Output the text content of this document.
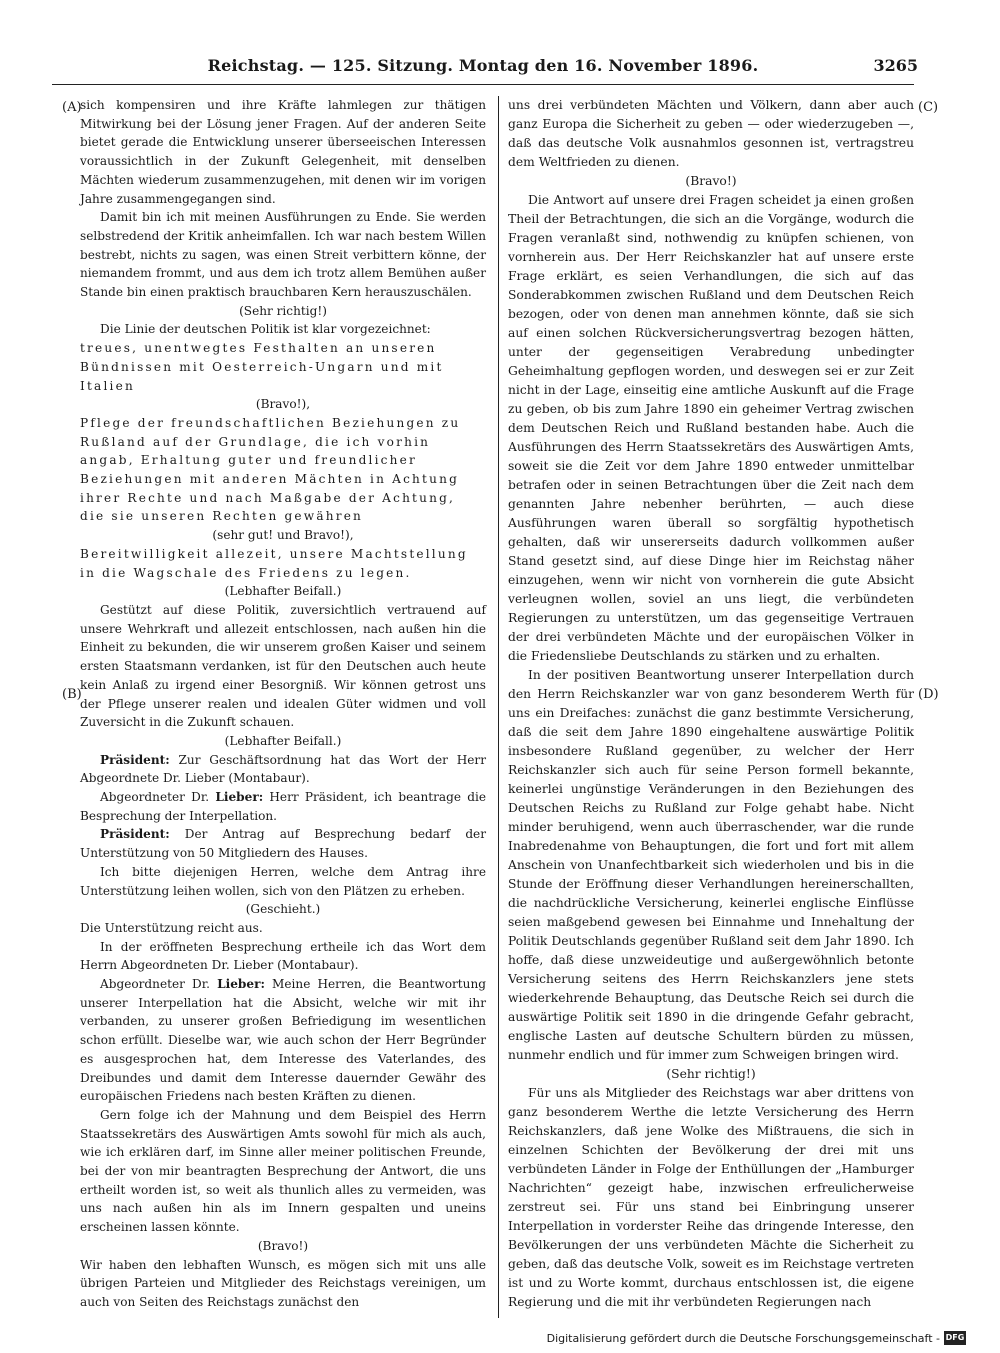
Reichstag. — 125. Sitzung. Montag den 16. November 1896.	3265
(A)
(B)
(C)
(D)

sich kompensiren und ihre Kräfte lahmlegen zur thätigen Mitwirkung bei der Lösung jener Fragen. Auf der anderen Seite bietet gerade die Entwicklung unserer überseeischen Interessen voraussichtlich in der Zukunft Gelegenheit, mit denselben Mächten wiederum zusammenzugehen, mit denen wir im vorigen Jahre zusammengegangen sind.

Damit bin ich mit meinen Ausführungen zu Ende. Sie werden selbstredend der Kritik anheimfallen. Ich war nach bestem Willen bestrebt, nichts zu sagen, was einen Streit verbittern könne, der niemandem frommt, und aus dem ich trotz allem Bemühen außer Stande bin einen praktisch brauchbaren Kern herauszuschälen.

(Sehr richtig!)

Die Linie der deutschen Politik ist klar vorgezeichnet:

treues, unentwegtes Festhalten an unseren Bündnissen mit Oesterreich-Ungarn und mit Italien

(Bravo!),

Pflege der freundschaftlichen Beziehungen zu Rußland auf der Grundlage, die ich vorhin angab, Erhaltung guter und freundlicher Beziehungen mit anderen Mächten in Achtung ihrer Rechte und nach Maßgabe der Achtung, die sie unseren Rechten gewähren

(sehr gut! und Bravo!),

Bereitwilligkeit allezeit, unsere Machtstellung in die Wagschale des Friedens zu legen.

(Lebhafter Beifall.)

Gestützt auf diese Politik, zuversichtlich vertrauend auf unsere Wehrkraft und allezeit entschlossen, nach außen hin die Einheit zu bekunden, die wir unserem großen Kaiser und seinem ersten Staatsmann verdanken, ist für den Deutschen auch heute kein Anlaß zu irgend einer Besorgniß. Wir können getrost uns der Pflege unserer realen und idealen Güter widmen und voll Zuversicht in die Zukunft schauen.

(Lebhafter Beifall.)

Präsident: Zur Geschäftsordnung hat das Wort der Herr Abgeordnete Dr. Lieber (Montabaur).

Abgeordneter Dr. Lieber: Herr Präsident, ich beantrage die Besprechung der Interpellation.

Präsident: Der Antrag auf Besprechung bedarf der Unterstützung von 50 Mitgliedern des Hauses.

Ich bitte diejenigen Herren, welche dem Antrag ihre Unterstützung leihen wollen, sich von den Plätzen zu erheben.

(Geschieht.)

Die Unterstützung reicht aus.

In der eröffneten Besprechung ertheile ich das Wort dem Herrn Abgeordneten Dr. Lieber (Montabaur).

Abgeordneter Dr. Lieber: Meine Herren, die Beantwortung unserer Interpellation hat die Absicht, welche wir mit ihr verbanden, zu unserer großen Befriedigung im wesentlichen schon erfüllt. Dieselbe war, wie auch schon der Herr Begründer es ausgesprochen hat, dem Interesse des Vaterlandes, des Dreibundes und damit dem Interesse dauernder Gewähr des europäischen Friedens nach besten Kräften zu dienen.

Gern folge ich der Mahnung und dem Beispiel des Herrn Staatssekretärs des Auswärtigen Amts sowohl für mich als auch, wie ich erklären darf, im Sinne aller meiner politischen Freunde, bei der von mir beantragten Besprechung der Antwort, die uns ertheilt worden ist, so weit als thunlich alles zu vermeiden, was uns nach außen hin als im Innern gespalten und uneins erscheinen lassen könnte.

(Bravo!)

Wir haben den lebhaften Wunsch, es mögen sich mit uns alle übrigen Parteien und Mitglieder des Reichstags vereinigen, um auch von Seiten des Reichstags zunächst den

uns drei verbündeten Mächten und Völkern, dann aber auch ganz Europa die Sicherheit zu geben — oder wiederzugeben —, daß das deutsche Volk ausnahmlos gesonnen ist, vertragstreu dem Weltfrieden zu dienen.

(Bravo!)

Die Antwort auf unsere drei Fragen scheidet ja einen großen Theil der Betrachtungen, die sich an die Vorgänge, wodurch die Fragen veranlaßt sind, nothwendig zu knüpfen schienen, von vornherein aus. Der Herr Reichskanzler hat auf unsere erste Frage erklärt, es seien Verhandlungen, die sich auf das Sonderabkommen zwischen Rußland und dem Deutschen Reich bezogen, oder von denen man annehmen könnte, daß sie sich auf einen solchen Rückversicherungsvertrag bezogen hätten, unter der gegenseitigen Verabredung unbedingter Geheimhaltung gepflogen worden, und deswegen sei er zur Zeit nicht in der Lage, einseitig eine amtliche Auskunft auf die Frage zu geben, ob bis zum Jahre 1890 ein geheimer Vertrag zwischen dem Deutschen Reich und Rußland bestanden habe. Auch die Ausführungen des Herrn Staatssekretärs des Auswärtigen Amts, soweit sie die Zeit vor dem Jahre 1890 entweder unmittelbar betrafen oder in seinen Betrachtungen über die Zeit nach dem genannten Jahre nebenher berührten, — auch diese Ausführungen waren überall so sorgfältig hypothetisch gehalten, daß wir unsererseits dadurch vollkommen außer Stand gesetzt sind, auf diese Dinge hier im Reichstag näher einzugehen, wenn wir nicht von vornherein die gute Absicht verleugnen wollen, soviel an uns liegt, die verbündeten Regierungen zu unterstützen, um das gegenseitige Vertrauen der drei verbündeten Mächte und der europäischen Völker in die Friedensliebe Deutschlands zu stärken und zu erhalten.

In der positiven Beantwortung unserer Interpellation durch den Herrn Reichskanzler war von ganz besonderem Werth für uns ein Dreifaches: zunächst die ganz bestimmte Versicherung, daß die seit dem Jahre 1890 eingehaltene auswärtige Politik insbesondere Rußland gegenüber, zu welcher der Herr Reichskanzler sich auch für seine Person formell bekannte, keinerlei ungünstige Veränderungen in den Beziehungen des Deutschen Reichs zu Rußland zur Folge gehabt habe. Nicht minder beruhigend, wenn auch überraschender, war die runde Inabredenahme von Behauptungen, die fort und fort mit allem Anschein von Unanfechtbarkeit sich wiederholen und bis in die Stunde der Eröffnung dieser Verhandlungen hereinerschallten, die nachdrückliche Versicherung, keinerlei englische Einflüsse seien maßgebend gewesen bei Einnahme und Innehaltung der Politik Deutschlands gegenüber Rußland seit dem Jahr 1890. Ich hoffe, daß diese unzweideutige und außergewöhnlich betonte Versicherung seitens des Herrn Reichskanzlers jene stets wiederkehrende Behauptung, das Deutsche Reich sei durch die auswärtige Politik seit 1890 in die dringende Gefahr gebracht, englische Lasten auf deutsche Schultern bürden zu müssen, nunmehr endlich und für immer zum Schweigen bringen wird.

(Sehr richtig!)

Für uns als Mitglieder des Reichstags war aber drittens von ganz besonderem Werthe die letzte Versicherung des Herrn Reichskanzlers, daß jene Wolke des Mißtrauens, die sich in einzelnen Schichten der Bevölkerung der drei mit uns verbündeten Länder in Folge der Enthüllungen der „Hamburger Nachrichten“ gezeigt habe, inzwischen erfreulicherweise zerstreut sei. Für uns stand bei Einbringung unserer Interpellation in vorderster Reihe das dringende Interesse, den Bevölkerungen der uns verbündeten Mächte die Sicherheit zu geben, daß das deutsche Volk, soweit es im Reichstage vertreten ist und zu Worte kommt, durchaus entschlossen ist, die eigene Regierung und die mit ihr verbündeten Regierungen nach

Digitalisierung gefördert durch die Deutsche Forschungsgemeinschaft - DFG
